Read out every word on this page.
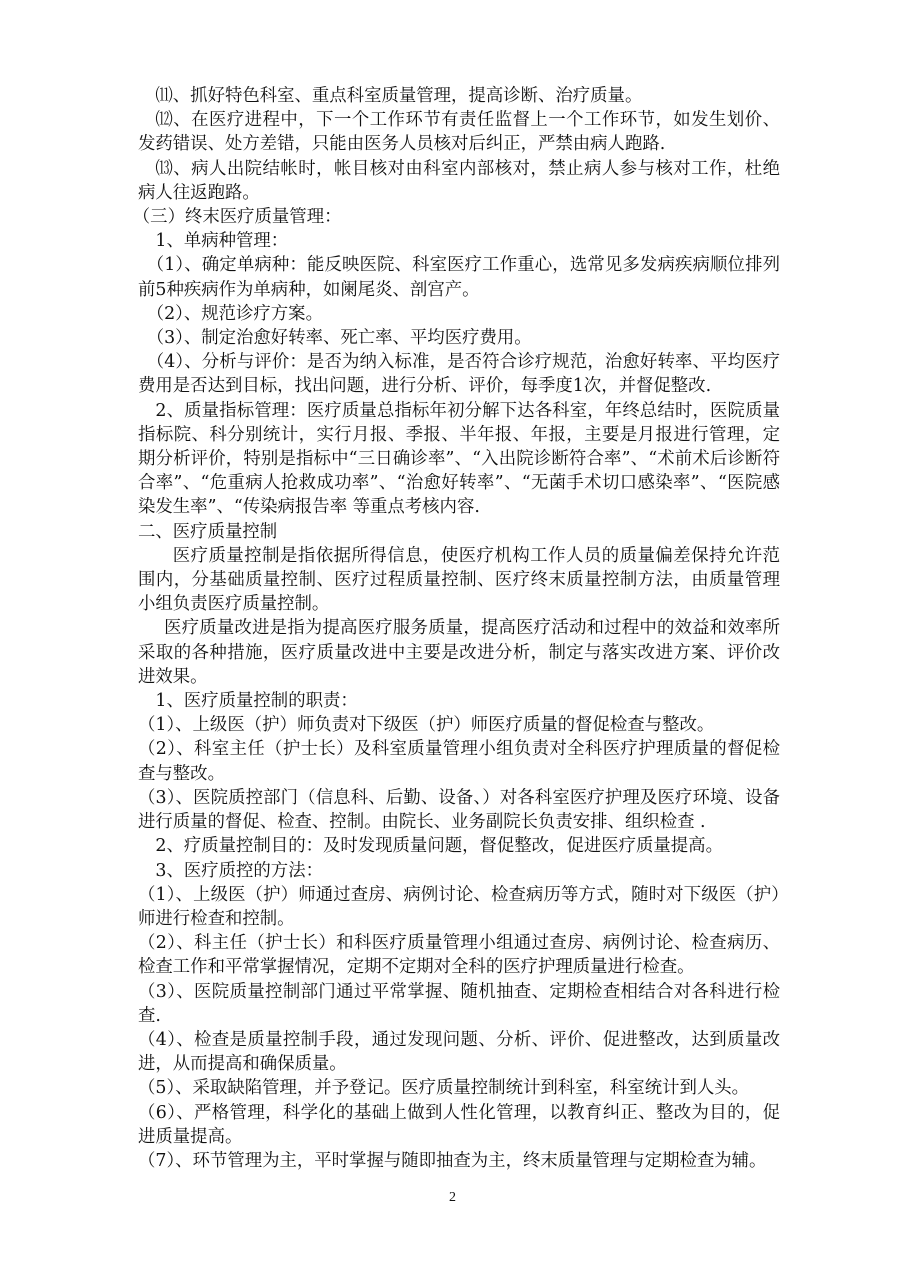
⑾、抓好特色科室、重点科室质量管理，提高诊断、治疗质量。

⑿、在医疗进程中，下一个工作环节有责任监督上一个工作环节，如发生划价、发药错误、处方差错，只能由医务人员核对后纠正，严禁由病人跑路.

⒀、病人出院结帐时，帐目核对由科室内部核对，禁止病人参与核对工作，杜绝病人往返跑路。

（三）终末医疗质量管理：

1、单病种管理：

（1）、确定单病种：能反映医院、科室医疗工作重心，选常见多发病疾病顺位排列前5种疾病作为单病种，如阑尾炎、剖宫产。

（2）、规范诊疗方案。

（3）、制定治愈好转率、死亡率、平均医疗费用。

（4）、分析与评价：是否为纳入标准，是否符合诊疗规范，治愈好转率、平均医疗费用是否达到目标，找出问题，进行分析、评价，每季度1次，并督促整改.

2、质量指标管理：医疗质量总指标年初分解下达各科室，年终总结时，医院质量指标院、科分别统计，实行月报、季报、半年报、年报，主要是月报进行管理，定期分析评价，特别是指标中“三日确诊率”、“入出院诊断符合率”、“术前术后诊断符合率”、“危重病人抢救成功率”、“治愈好转率”、“无菌手术切口感染率”、“医院感染发生率”、“传染病报告率 等重点考核内容.

二、医疗质量控制

医疗质量控制是指依据所得信息，使医疗机构工作人员的质量偏差保持允许范围内，分基础质量控制、医疗过程质量控制、医疗终末质量控制方法，由质量管理小组负责医疗质量控制。

医疗质量改进是指为提高医疗服务质量，提高医疗活动和过程中的效益和效率所采取的各种措施，医疗质量改进中主要是改进分析，制定与落实改进方案、评价改进效果。

1、医疗质量控制的职责：

（1）、上级医（护）师负责对下级医（护）师医疗质量的督促检查与整改。

（2）、科室主任（护士长）及科室质量管理小组负责对全科医疗护理质量的督促检查与整改。

（3）、医院质控部门（信息科、后勤、设备、）对各科室医疗护理及医疗环境、设备进行质量的督促、检查、控制。由院长、业务副院长负责安排、组织检查 .

2、疗质量控制目的：及时发现质量问题，督促整改，促进医疗质量提高。

3、医疗质控的方法：

（1）、上级医（护）师通过查房、病例讨论、检查病历等方式，随时对下级医（护）师进行检查和控制。

（2）、科主任（护士长）和科医疗质量管理小组通过查房、病例讨论、检查病历、检查工作和平常掌握情况，定期不定期对全科的医疗护理质量进行检查。

（3）、医院质量控制部门通过平常掌握、随机抽查、定期检查相结合对各科进行检查.

（4）、检查是质量控制手段，通过发现问题、分析、评价、促进整改，达到质量改进，从而提高和确保质量。

（5）、采取缺陷管理，并予登记。医疗质量控制统计到科室，科室统计到人头。

（6）、严格管理，科学化的基础上做到人性化管理，以教育纠正、整改为目的，促进质量提高。

（7）、环节管理为主，平时掌握与随即抽查为主，终末质量管理与定期检查为辅。

2
